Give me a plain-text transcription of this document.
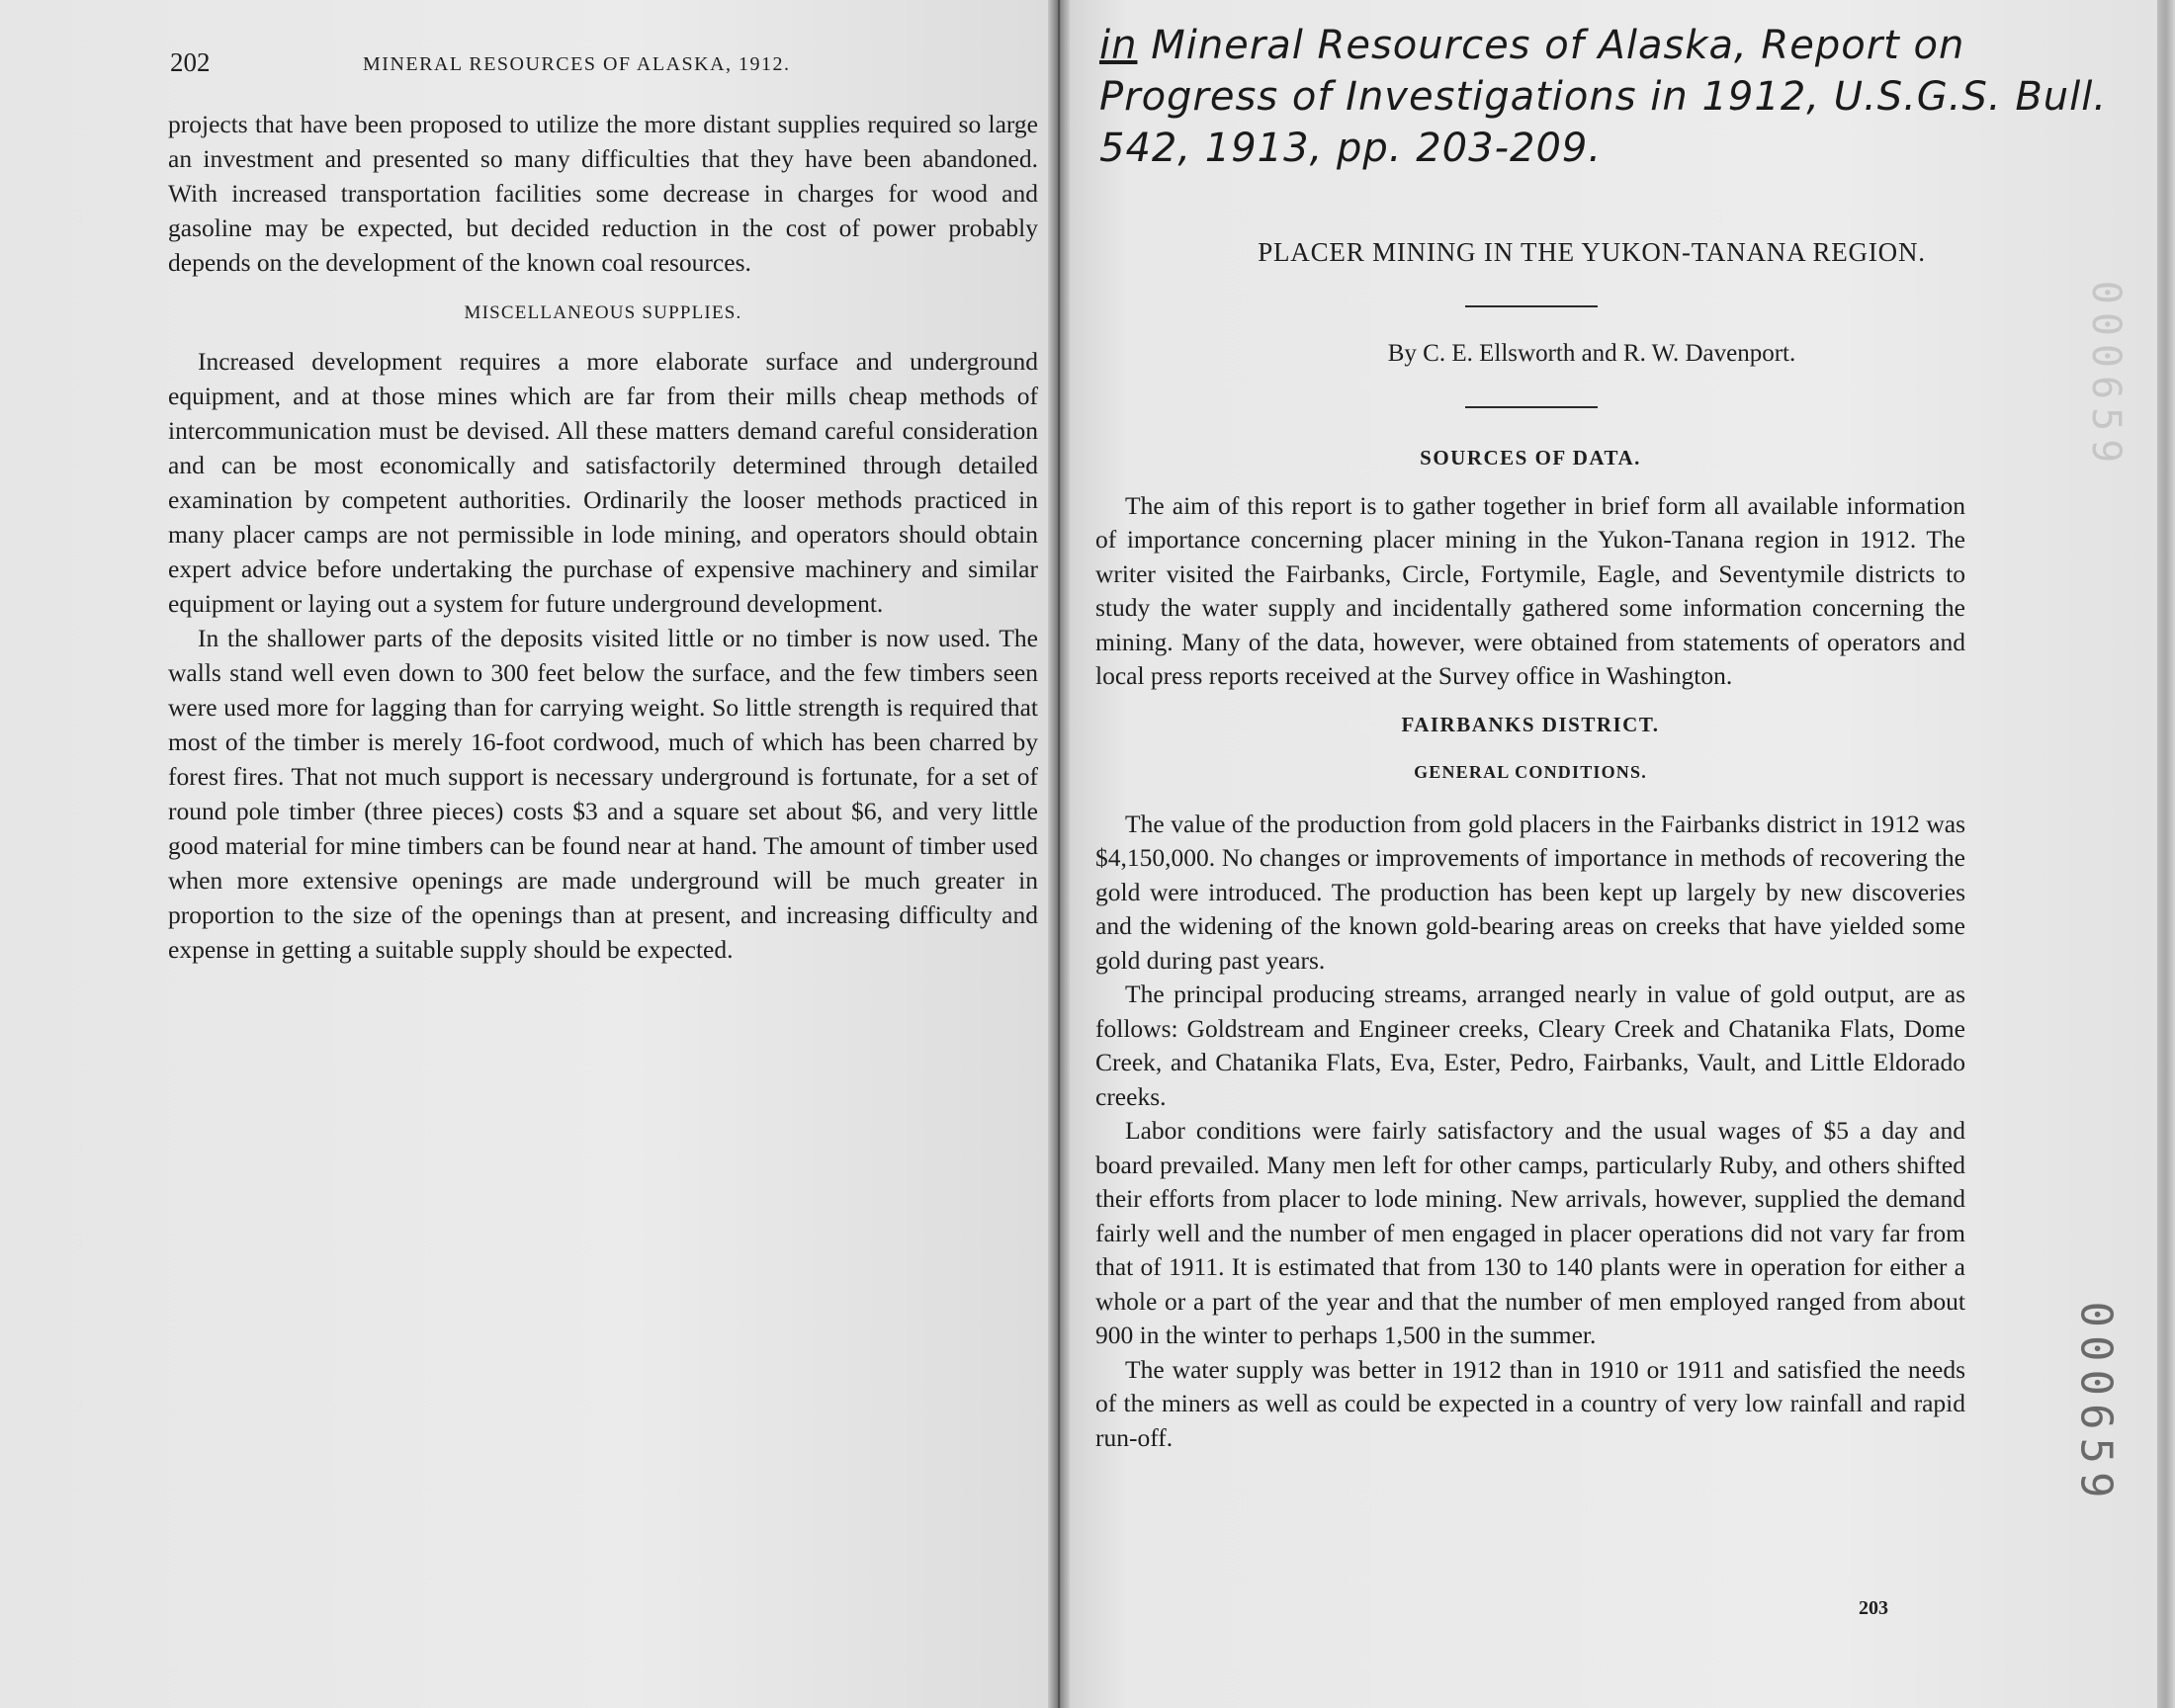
202	MINERAL RESOURCES OF ALASKA, 1912.

projects that have been proposed to utilize the more distant supplies required so large an investment and presented so many difficulties that they have been abandoned. With increased transportation facilities some decrease in charges for wood and gasoline may be expected, but decided reduction in the cost of power probably depends on the development of the known coal resources.

MISCELLANEOUS SUPPLIES.

Increased development requires a more elaborate surface and underground equipment, and at those mines which are far from their mills cheap methods of intercommunication must be devised. All these matters demand careful consideration and can be most economically and satisfactorily determined through detailed examination by competent authorities. Ordinarily the looser methods practiced in many placer camps are not permissible in lode mining, and operators should obtain expert advice before undertaking the purchase of expensive machinery and similar equipment or laying out a system for future underground development.

In the shallower parts of the deposits visited little or no timber is now used. The walls stand well even down to 300 feet below the surface, and the few timbers seen were used more for lagging than for carrying weight. So little strength is required that most of the timber is merely 16-foot cordwood, much of which has been charred by forest fires. That not much support is necessary underground is fortunate, for a set of round pole timber (three pieces) costs $3 and a square set about $6, and very little good material for mine timbers can be found near at hand. The amount of timber used when more extensive openings are made underground will be much greater in proportion to the size of the openings than at present, and increasing difficulty and expense in getting a suitable supply should be expected.

in Mineral Resources of Alaska, Report on Progress of Investigations in 1912, U.S.G.S. Bull. 542, 1913, pp. 203-209.
PLACER MINING IN THE YUKON-TANANA REGION.
By C. E. Ellsworth and R. W. Davenport.

SOURCES OF DATA.

The aim of this report is to gather together in brief form all available information of importance concerning placer mining in the Yukon-Tanana region in 1912. The writer visited the Fairbanks, Circle, Fortymile, Eagle, and Seventymile districts to study the water supply and incidentally gathered some information concerning the mining. Many of the data, however, were obtained from statements of operators and local press reports received at the Survey office in Washington.

FAIRBANKS DISTRICT.

GENERAL CONDITIONS.

The value of the production from gold placers in the Fairbanks district in 1912 was $4,150,000. No changes or improvements of importance in methods of recovering the gold were introduced. The production has been kept up largely by new discoveries and the widening of the known gold-bearing areas on creeks that have yielded some gold during past years.

The principal producing streams, arranged nearly in value of gold output, are as follows: Goldstream and Engineer creeks, Cleary Creek and Chatanika Flats, Dome Creek, and Chatanika Flats, Eva, Ester, Pedro, Fairbanks, Vault, and Little Eldorado creeks.

Labor conditions were fairly satisfactory and the usual wages of $5 a day and board prevailed. Many men left for other camps, particularly Ruby, and others shifted their efforts from placer to lode mining. New arrivals, however, supplied the demand fairly well and the number of men engaged in placer operations did not vary far from that of 1911. It is estimated that from 130 to 140 plants were in operation for either a whole or a part of the year and that the number of men employed ranged from about 900 in the winter to perhaps 1,500 in the summer.

The water supply was better in 1912 than in 1910 or 1911 and satisfied the needs of the miners as well as could be expected in a country of very low rainfall and rapid run-off.

203
000659
000659
